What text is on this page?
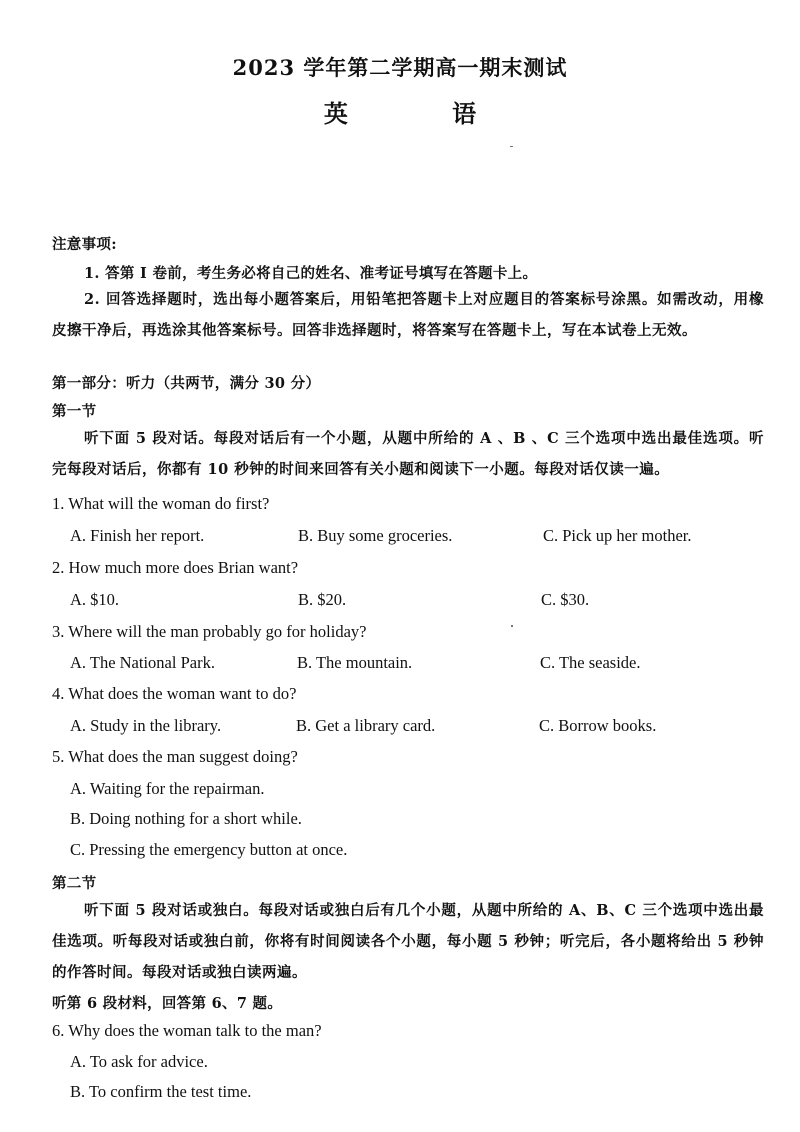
2023 学年第二学期高一期末测试
英 语
注意事项:
1. 答第 I 卷前，考生务必将自己的姓名、准考证号填写在答题卡上。
2. 回答选择题时，选出每小题答案后，用铅笔把答题卡上对应题目的答案标号涂黑。如需改动，用橡皮擦干净后，再选涂其他答案标号。回答非选择题时，将答案写在答题卡上，写在本试卷上无效。
第一部分：听力（共两节，满分 30 分）
第一节
听下面 5 段对话。每段对话后有一个小题，从题中所给的 A 、B 、C 三个选项中选出最佳选项。听完每段对话后，你都有 10 秒钟的时间来回答有关小题和阅读下一小题。每段对话仅读一遍。
1. What will the woman do first?
A. Finish her report.	B. Buy some groceries.	C. Pick up her mother.
2. How much more does Brian want?
A. $10.	B. $20.	C. $30.
3. Where will the man probably go for holiday?
A. The National Park.	B. The mountain.	C. The seaside.
4. What does the woman want to do?
A. Study in the library.	B. Get a library card.	C. Borrow books.
5. What does the man suggest doing?
A. Waiting for the repairman.
B. Doing nothing for a short while.
C. Pressing the emergency button at once.
第二节
听下面 5 段对话或独白。每段对话或独白后有几个小题，从题中所给的 A、B、C 三个选项中选出最佳选项。听每段对话或独白前，你将有时间阅读各个小题，每小题 5 秒钟；听完后，各小题将给出 5 秒钟的作答时间。每段对话或独白读两遍。
听第 6 段材料，回答第 6、7 题。
6. Why does the woman talk to the man?
A. To ask for advice.
B. To confirm the test time.
